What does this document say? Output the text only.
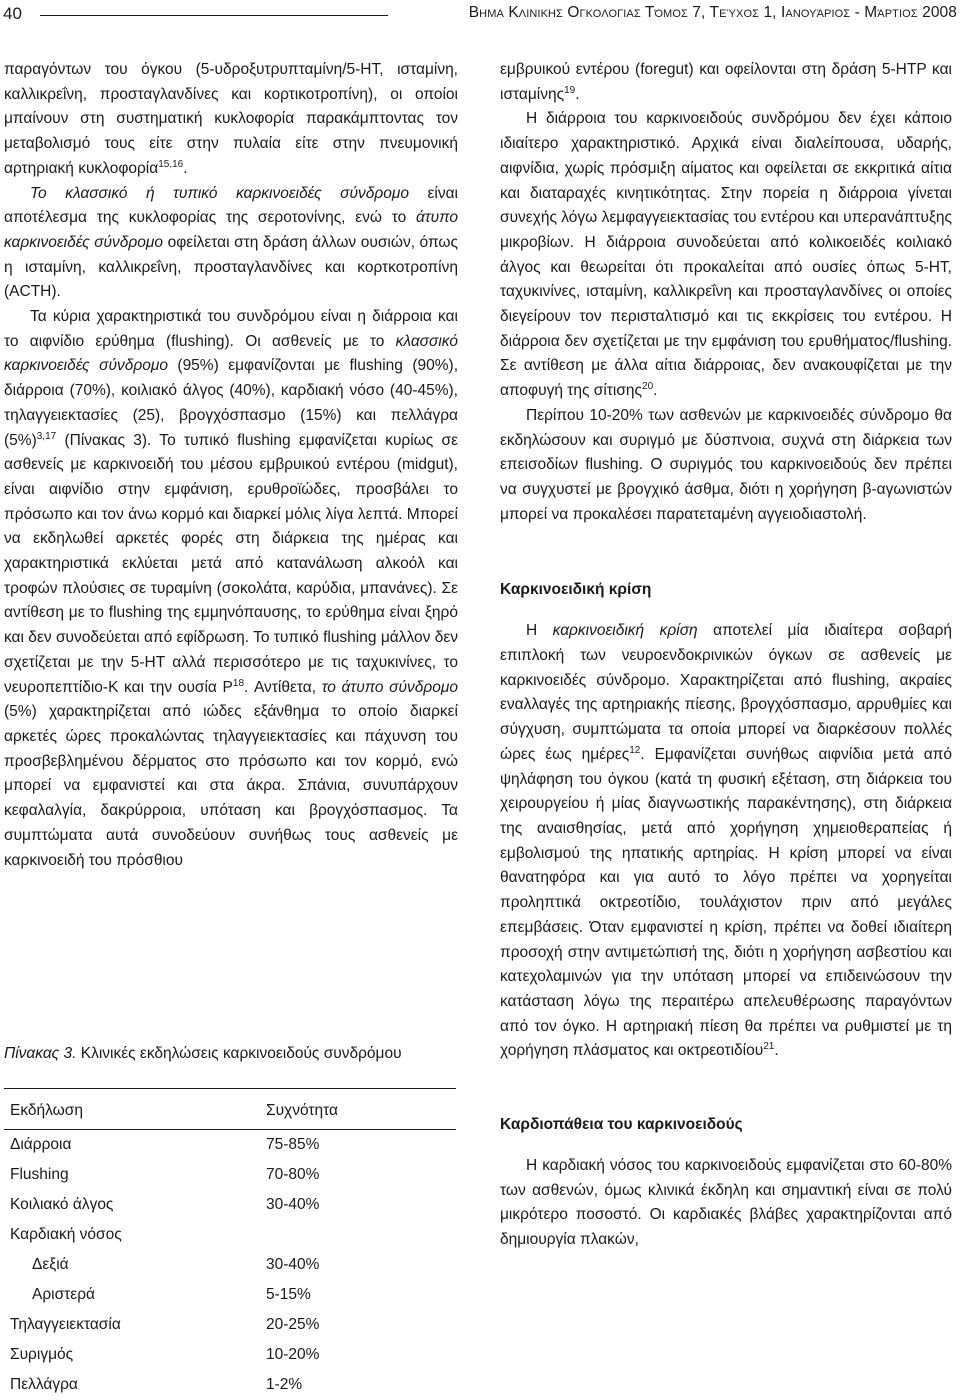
40	Βημα Κλινικης Ογκολογιας Τόμος 7, Τεύχος 1, Ιανουάριος - Μάρτιος 2008

παραγόντων του όγκου (5-υδροξυτρυπταμίνη/5-ΗΤ, ισταμίνη, καλλικρεΐνη, προσταγλανδίνες και κορτικοτροπίνη), οι οποίοι μπαίνουν στη συστηματική κυκλοφορία παρακάμπτοντας τον μεταβολισμό τους είτε στην πυλαία είτε στην πνευμονική αρτηριακή κυκλοφορία$^{15,16}$.

Το κλασσικό ή τυπικό καρκινοειδές σύνδρομο είναι αποτέλεσμα της κυκλοφορίας της σεροτονίνης, ενώ το άτυπο καρκινοειδές σύνδρομο οφείλεται στη δράση άλλων ουσιών, όπως η ισταμίνη, καλλικρεΐνη, προσταγλανδίνες και κορτκοτροπίνη (ACTH).

Τα κύρια χαρακτηριστικά του συνδρόμου είναι η διάρροια και το αιφνίδιο ερύθημα (flushing). Οι ασθενείς με το κλασσικό καρκινοειδές σύνδρομο (95%) εμφανίζονται με flushing (90%), διάρροια (70%), κοιλιακό άλγος (40%), καρδιακή νόσο (40-45%), τηλαγγειεκτασίες (25), βρογχόσπασμο (15%) και πελλάγρα $(5\%)^{3,17}$ (Πίνακας 3). Το τυπικό flushing εμφανίζεται κυρίως σε ασθενείς με καρκινοειδή του μέσου εμβρυικού εντέρου (midgut), είναι αιφνίδιο στην εμφάνιση, ερυθροϊώδες, προσβάλει το πρόσωπο και τον άνω κορμό και διαρκεί μόλις λίγα λεπτά. Μπορεί να εκδηλωθεί αρκετές φορές στη διάρκεια της ημέρας και χαρακτηριστικά εκλύεται μετά από κατανάλωση αλκοόλ και τροφών πλούσιες σε τυραμίνη (σοκολάτα, καρύδια, μπανάνες). Σε αντίθεση με το flushing της εμμηνόπαυσης, το ερύθημα είναι ξηρό και δεν συνοδεύεται από εφίδρωση. Το τυπικό flushing μάλλον δεν σχετίζεται με την 5-HT αλλά περισσότερο με τις ταχυκινίνες, το νευροπεπτίδιο-Κ και την ουσία $P^{18}$. Αντίθετα, το άτυπο σύνδρομο (5%) χαρακτηρίζεται από ιώδες εξάνθημα το οποίο διαρκεί αρκετές ώρες προκαλώντας τηλαγγειεκτασίες και πάχυνση του προσβεβλημένου δέρματος στο πρόσωπο και τον κορμό, ενώ μπορεί να εμφανιστεί και στα άκρα. Σπάνια, συνυπάρχουν κεφαλαλγία, δακρύρροια, υπόταση και βρογχόσπασμος. Τα συμπτώματα αυτά συνοδεύουν συνήθως τους ασθενείς με καρκινοειδή του πρόσθιου

Πίνακας 3. Κλινικές εκδηλώσεις καρκινοειδούς συνδρόμου
Εκδήλωση	Συχνότητα
Διάρροια	75-85%
Flushing	70-80%
Κοιλιακό άλγος	30-40%
Καρδιακή νόσος
Δεξιά	30-40%
Αριστερά	5-15%
Τηλαγγειεκτασία	20-25%
Συριγμός	10-20%
Πελλάγρα	1-2%

εμβρυικού εντέρου (foregut) και οφείλονται στη δράση 5-ΗΤΡ και ισταμίνης$^{19}$.

Η διάρροια του καρκινοειδούς συνδρόμου δεν έχει κάποιο ιδιαίτερο χαρακτηριστικό. Αρχικά είναι διαλείπουσα, υδαρής, αιφνίδια, χωρίς πρόσμιξη αίματος και οφείλεται σε εκκριτικά αίτια και διαταραχές κινητικότητας. Στην πορεία η διάρροια γίνεται συνεχής λόγω λεμφαγγειεκτασίας του εντέρου και υπερανάπτυξης μικροβίων. Η διάρροια συνοδεύεται από κολικοειδές κοιλιακό άλγος και θεωρείται ότι προκαλείται από ουσίες όπως 5-ΗΤ, ταχυκινίνες, ισταμίνη, καλλικρεΐνη και προσταγλανδίνες οι οποίες διεγείρουν τον περισταλτισμό και τις εκκρίσεις του εντέρου. Η διάρροια δεν σχετίζεται με την εμφάνιση του ερυθήματος/flushing. Σε αντίθεση με άλλα αίτια διάρροιας, δεν ανακουφίζεται με την αποφυγή της σίτισης$^{20}$.

Περίπου 10-20% των ασθενών με καρκινοειδές σύνδρομο θα εκδηλώσουν και συριγμό με δύσπνοια, συχνά στη διάρκεια των επεισοδίων flushing. Ο συριγμός του καρκινοειδούς δεν πρέπει να συγχυστεί με βρογχικό άσθμα, διότι η χορήγηση β-αγωνιστών μπορεί να προκαλέσει παρατεταμένη αγγειοδιαστολή.

Καρκινοειδική κρίση

Η καρκινοειδική κρίση αποτελεί μία ιδιαίτερα σοβαρή επιπλοκή των νευροενδοκρινικών όγκων σε ασθενείς με καρκινοειδές σύνδρομο. Χαρακτηρίζεται από flushing, ακραίες εναλλαγές της αρτηριακής πίεσης, βρογχόσπασμο, αρρυθμίες και σύγχυση, συμπτώματα τα οποία μπορεί να διαρκέσουν πολλές ώρες έως ημέρες$^{12}$. Εμφανίζεται συνήθως αιφνίδια μετά από ψηλάφηση του όγκου (κατά τη φυσική εξέταση, στη διάρκεια του χειρουργείου ή μίας διαγνωστικής παρακέντησης), στη διάρκεια της αναισθησίας, μετά από χορήγηση χημειοθεραπείας ή εμβολισμού της ηπατικής αρτηρίας. Η κρίση μπορεί να είναι θανατηφόρα και για αυτό το λόγο πρέπει να χορηγείται προληπτικά οκτρεοτίδιο, τουλάχιστον πριν από μεγάλες επεμβάσεις. Όταν εμφανιστεί η κρίση, πρέπει να δοθεί ιδιαίτερη προσοχή στην αντιμετώπισή της, διότι η χορήγηση ασβεστίου και κατεχολαμινών για την υπόταση μπορεί να επιδεινώσουν την κατάσταση λόγω της περαιτέρω απελευθέρωσης παραγόντων από τον όγκο. Η αρτηριακή πίεση θα πρέπει να ρυθμιστεί με τη χορήγηση πλάσματος και οκτρεοτιδίου$^{21}$.

Καρδιοπάθεια του καρκινοειδούς

Η καρδιακή νόσος του καρκινοειδούς εμφανίζεται στο 60-80% των ασθενών, όμως κλινικά έκδηλη και σημαντική είναι σε πολύ μικρότερο ποσοστό. Οι καρδιακές βλάβες χαρακτηρίζονται από δημιουργία πλακών,
